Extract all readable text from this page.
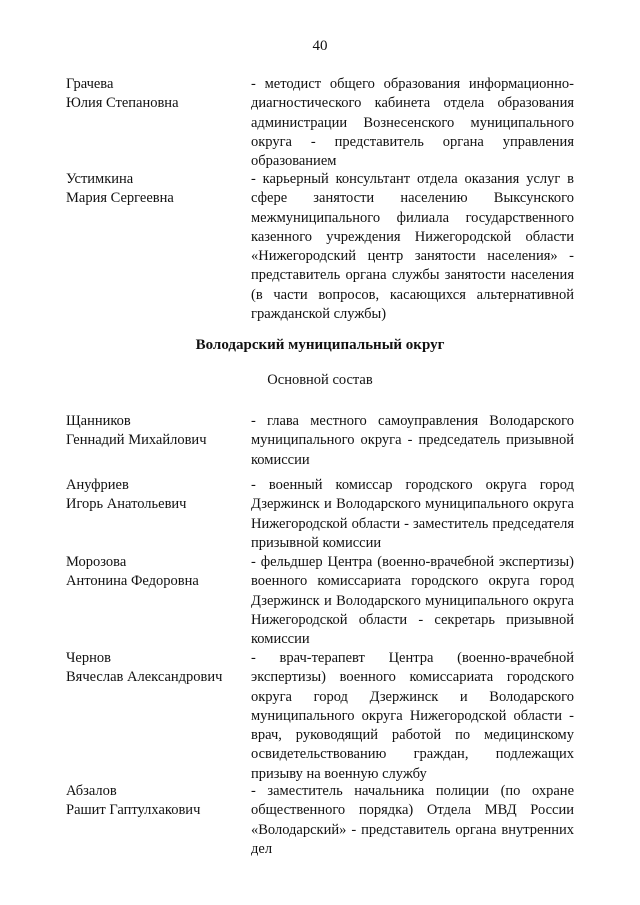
40
Грачева
Юлия Степановна
- методист общего образования информационно-диагностического кабинета отдела образования администрации Вознесенского муниципального округа - представитель органа управления образованием
Устимкина
Мария Сергеевна
- карьерный консультант отдела оказания услуг в сфере занятости населению Выксунского межмуниципального филиала государственного казенного учреждения Нижегородской области «Нижегородский центр занятости населения» - представитель органа службы занятости населения (в части вопросов, касающихся альтернативной гражданской службы)
Володарский муниципальный округ
Основной состав
Щанников
Геннадий Михайлович
- глава местного самоуправления Володарского муниципального округа - председатель призывной комиссии
Ануфриев
Игорь Анатольевич
- военный комиссар городского округа город Дзержинск и Володарского муниципального округа Нижегородской области - заместитель председателя призывной комиссии
Морозова
Антонина Федоровна
- фельдшер Центра (военно-врачебной экспертизы) военного комиссариата городского округа город Дзержинск и Володарского муниципального округа Нижегородской области - секретарь призывной комиссии
Чернов
Вячеслав Александрович
- врач-терапевт Центра (военно-врачебной экспертизы) военного комиссариата городского округа город Дзержинск и Володарского муниципального округа Нижегородской области - врач, руководящий работой по медицинскому освидетельствованию граждан, подлежащих призыву на военную службу
Абзалов
Рашит Гаптулхакович
- заместитель начальника полиции (по охране общественного порядка) Отдела МВД России «Володарский» - представитель органа внутренних дел
